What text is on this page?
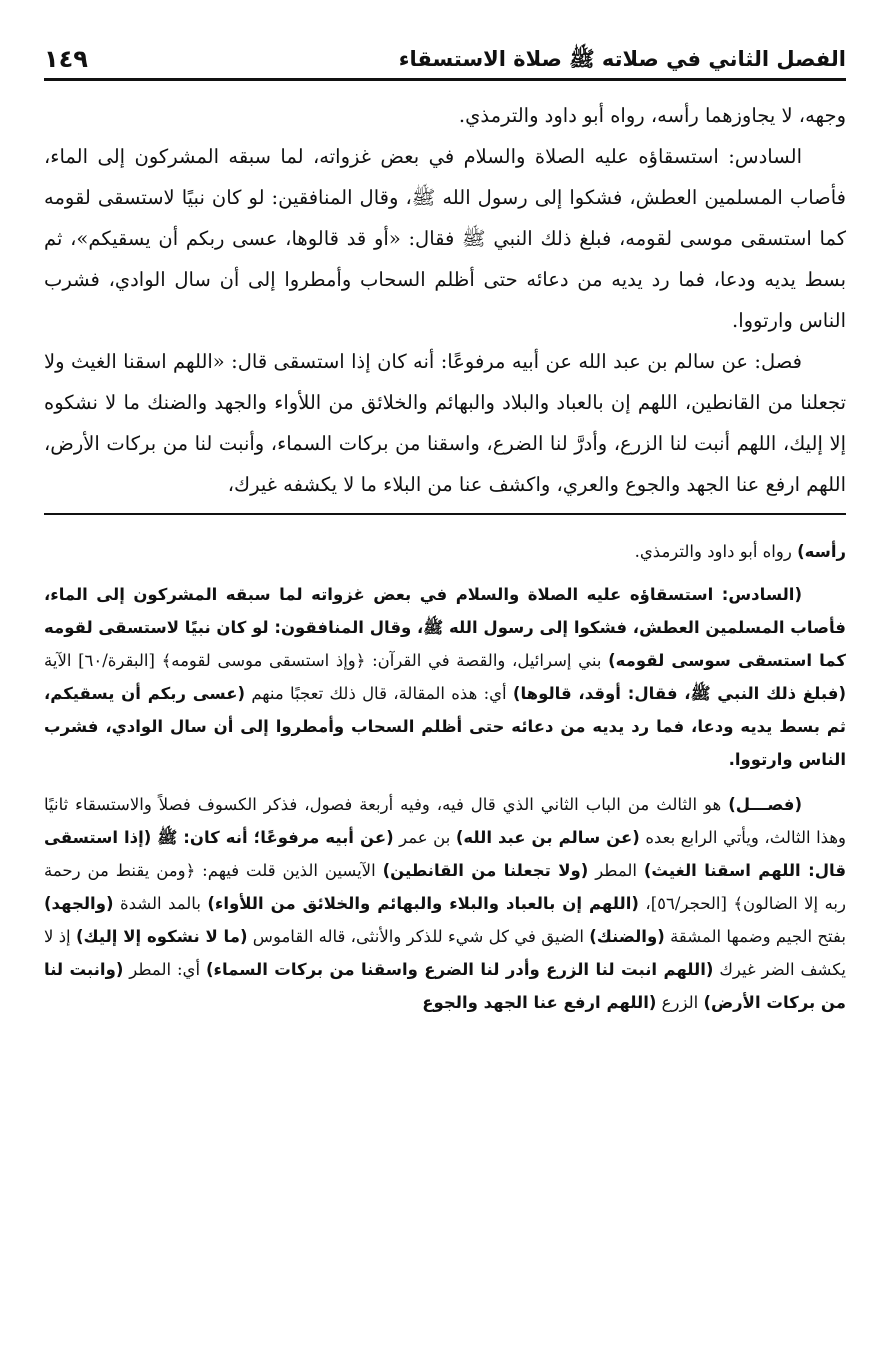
الفصل الثاني في صلاته ﷺ صلاة الاستسقاء
١٤٩

وجهه، لا يجاوزهما رأسه، رواه أبو داود والترمذي.

السادس: استسقاؤه عليه الصلاة والسلام في بعض غزواته، لما سبقه المشركون إلى الماء، فأصاب المسلمين العطش، فشكوا إلى رسول الله ﷺ، وقال المنافقين: لو كان نبيًا لاستسقى لقومه كما استسقى موسى لقومه، فبلغ ذلك النبي ﷺ فقال: «أو قد قالوها، عسى ربكم أن يسقيكم»، ثم بسط يديه ودعا، فما رد يديه من دعائه حتى أظلم السحاب وأمطروا إلى أن سال الوادي، فشرب الناس وارتووا.

فصل: عن سالم بن عبد الله عن أبيه مرفوعًا: أنه كان إذا استسقى قال: «اللهم اسقنا الغيث ولا تجعلنا من القانطين، اللهم إن بالعباد والبلاد والبهائم والخلائق من اللأواء والجهد والضنك ما لا نشكوه إلا إليك، اللهم أنبت لنا الزرع، وأدرَّ لنا الضرع، واسقنا من بركات السماء، وأنبت لنا من بركات الأرض، اللهم ارفع عنا الجهد والجوع والعري، واكشف عنا من البلاء ما لا يكشفه غيرك،

رأسه) رواه أبو داود والترمذي.

(السادس: استسقاؤه عليه الصلاة والسلام في بعض غزواته لما سبقه المشركون إلى الماء، فأصاب المسلمين العطش، فشكوا إلى رسول الله ﷺ، وقال المنافقون: لو كان نبيًا لاستسقى لقومه كما استسقى سوسى لقومه) بني إسرائيل، والقصة في القرآن: ﴿وإذ استسقى موسى لقومه﴾ [البقرة/٦٠] الآية (فبلغ ذلك النبي ﷺ، فقال: أوقد، قالوها) أي: هذه المقالة، قال ذلك تعجبًا منهم (عسى ربكم أن يسقيكم، ثم بسط يديه ودعا، فما رد يديه من دعائه حتى أظلم السحاب وأمطروا إلى أن سال الوادي، فشرب الناس وارتووا.

(فصـــل) هو الثالث من الباب الثاني الذي قال فيه، وفيه أربعة فصول، فذكر الكسوف فصلاً والاستسقاء ثانيًا وهذا الثالث، ويأتي الرابع بعده (عن سالم بن عبد الله) بن عمر (عن أبيه مرفوعًا؛ أنه كان: ﷺ (إذا استسقى قال: اللهم اسقنا الغيث) المطر (ولا تجعلنا من القانطين) الآيسين الذين قلت فيهم: ﴿ومن يقنط من رحمة ربه إلا الضالون﴾ [الحجر/٥٦]، (اللهم إن بالعباد والبلاء والبهائم والخلائق من اللأواء) بالمد الشدة (والجهد) بفتح الجيم وضمها المشقة (والضنك) الضيق في كل شيء للذكر والأنثى، قاله القاموس (ما لا نشكوه إلا إليك) إذ لا يكشف الضر غيرك (اللهم انبت لنا الزرع وأدر لنا الضرع واسقنا من بركات السماء) أي: المطر (وانبت لنا من بركات الأرض) الزرع (اللهم ارفع عنا الجهد والجوع
